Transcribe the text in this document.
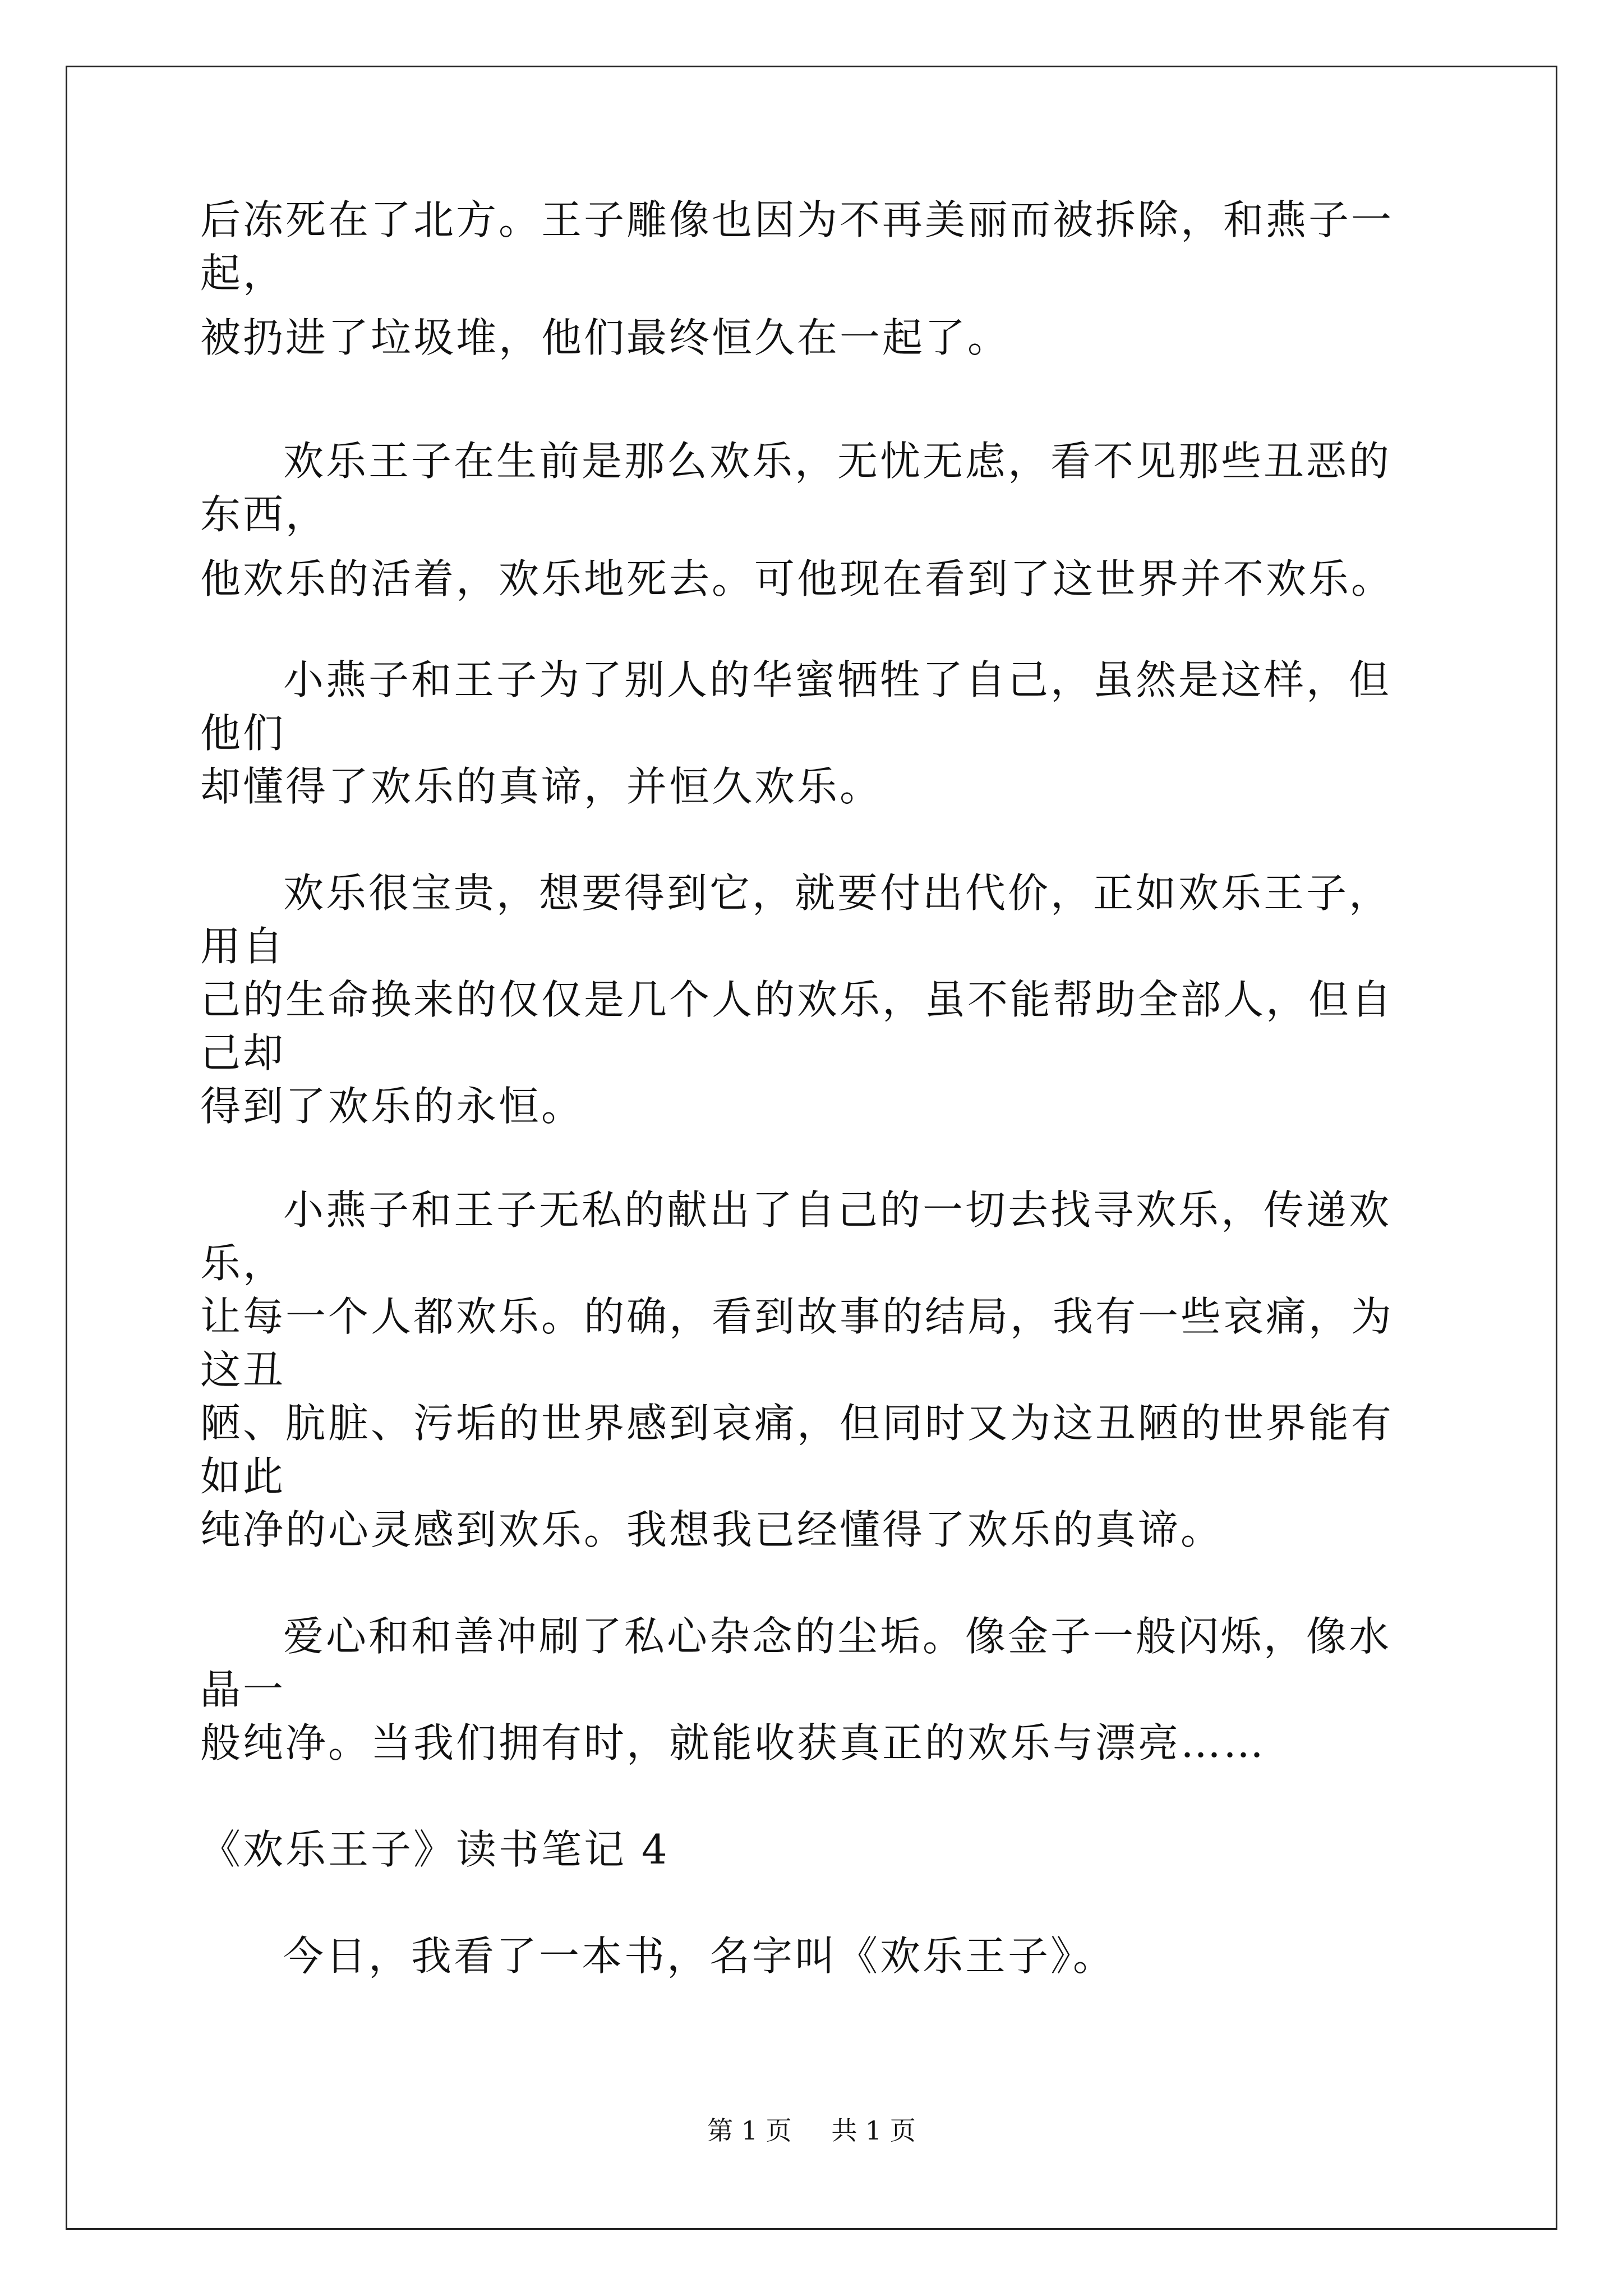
后冻死在了北方。王子雕像也因为不再美丽而被拆除，和燕子一起，
被扔进了垃圾堆，他们最终恒久在一起了。
欢乐王子在生前是那么欢乐，无忧无虑，看不见那些丑恶的东西，
他欢乐的活着，欢乐地死去。可他现在看到了这世界并不欢乐。
小燕子和王子为了别人的华蜜牺牲了自己，虽然是这样，但他们
却懂得了欢乐的真谛，并恒久欢乐。
欢乐很宝贵，想要得到它，就要付出代价，正如欢乐王子，用自
己的生命换来的仅仅是几个人的欢乐，虽不能帮助全部人，但自己却
得到了欢乐的永恒。
小燕子和王子无私的献出了自己的一切去找寻欢乐，传递欢乐，
让每一个人都欢乐。的确，看到故事的结局，我有一些哀痛，为这丑
陋、肮脏、污垢的世界感到哀痛，但同时又为这丑陋的世界能有如此
纯净的心灵感到欢乐。我想我已经懂得了欢乐的真谛。
爱心和和善冲刷了私心杂念的尘垢。像金子一般闪烁，像水晶一
般纯净。当我们拥有时，就能收获真正的欢乐与漂亮……
《欢乐王子》读书笔记 4
今日，我看了一本书，名字叫《欢乐王子》。
第 1 页 共 1 页
